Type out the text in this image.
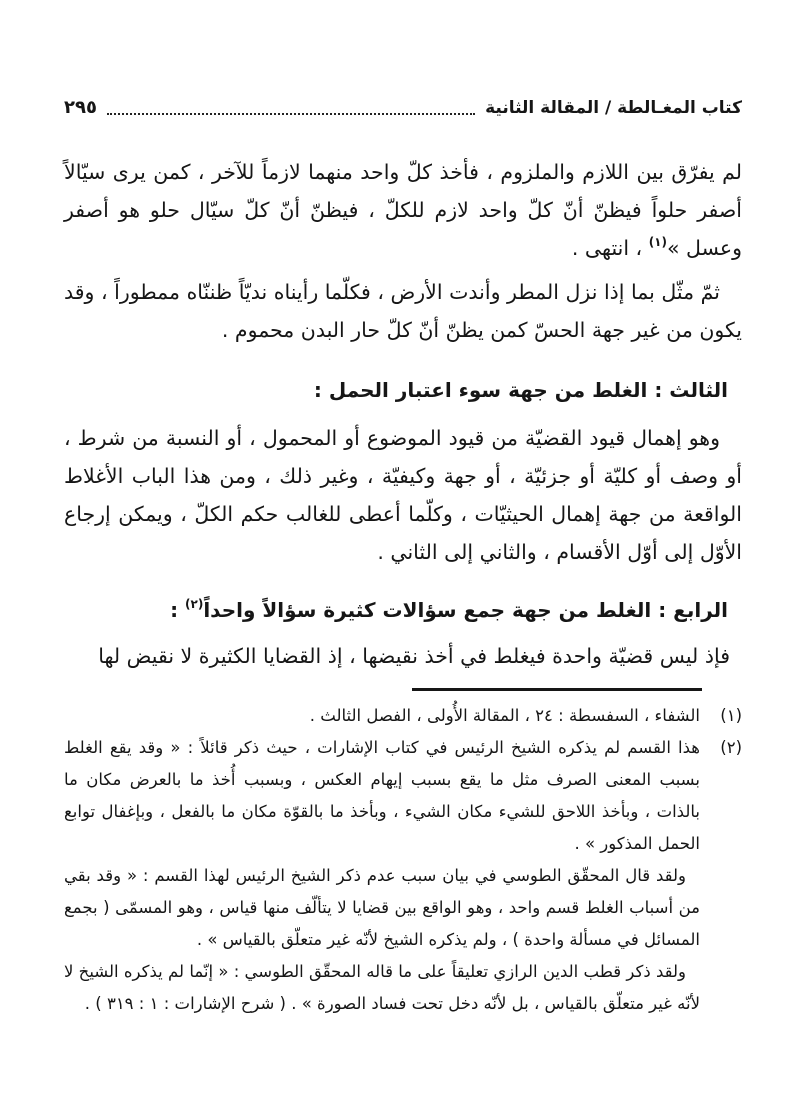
كتاب المغـالطة / المقالة الثانية
٢٩٥

لم يفرّق بين اللازم والملزوم ، فأخذ كلّ واحد منهما لازماً للآخر ، كمن يرى سيّالاً أصفر حلواً فيظنّ أنّ كلّ واحد لازم للكلّ ، فيظنّ أنّ كلّ سيّال حلو هو أصفر وعسل »$^{(١)}$ ، انتهى .

ثمّ مثّل بما إذا نزل المطر وأندت الأرض ، فكلّما رأيناه نديّاً ظننّاه ممطوراً ، وقد يكون من غير جهة الحسّ كمن يظنّ أنّ كلّ حار البدن محموم .

الثالث : الغلط من جهة سوء اعتبار الحمل :

وهو إهمال قيود القضيّة من قيود الموضوع أو المحمول ، أو النسبة من شرط ، أو وصف أو كليّة أو جزئيّة ، أو جهة وكيفيّة ، وغير ذلك ، ومن هذا الباب الأغلاط الواقعة من جهة إهمال الحيثيّات ، وكلّما أعطى للغالب حكم الكلّ ، ويمكن إرجاع الأوّل إلى أوّل الأقسام ، والثاني إلى الثاني .

الرابع : الغلط من جهة جمع سؤالات كثيرة سؤالاً واحداً$^{(٢)}$ :

فإذ ليس قضيّة واحدة فيغلط في أخذ نقيضها ، إذ القضايا الكثيرة لا نقيض لها

(١)

الشفاء ، السفسطة : ٢٤ ، المقالة الأُولى ، الفصل الثالث .

(٢)

هذا القسم لم يذكره الشيخ الرئيس في كتاب الإشارات ، حيث ذكر قائلاً : « وقد يقع الغلط بسبب المعنى الصرف مثل ما يقع بسبب إيهام العكس ، وبسبب أُخذ ما بالعرض مكان ما بالذات ، وبأخذ اللاحق للشيء مكان الشيء ، وبأخذ ما بالقوّة مكان ما بالفعل ، وبإغفال توابع الحمل المذكور » .

ولقد قال المحقّق الطوسي في بيان سبب عدم ذكر الشيخ الرئيس لهذا القسم : « وقد بقي من أسباب الغلط قسم واحد ، وهو الواقع بين قضايا لا يتألّف منها قياس ، وهو المسمّى ( بجمع المسائل في مسألة واحدة ) ، ولم يذكره الشيخ لأنّه غير متعلّق بالقياس » .

ولقد ذكر قطب الدين الرازي تعليقاً على ما قاله المحقّق الطوسي : « إنّما لم يذكره الشيخ لا لأنّه غير متعلّق بالقياس ، بل لأنّه دخل تحت فساد الصورة » . ( شرح الإشارات : ١ : ٣١٩ ) .
